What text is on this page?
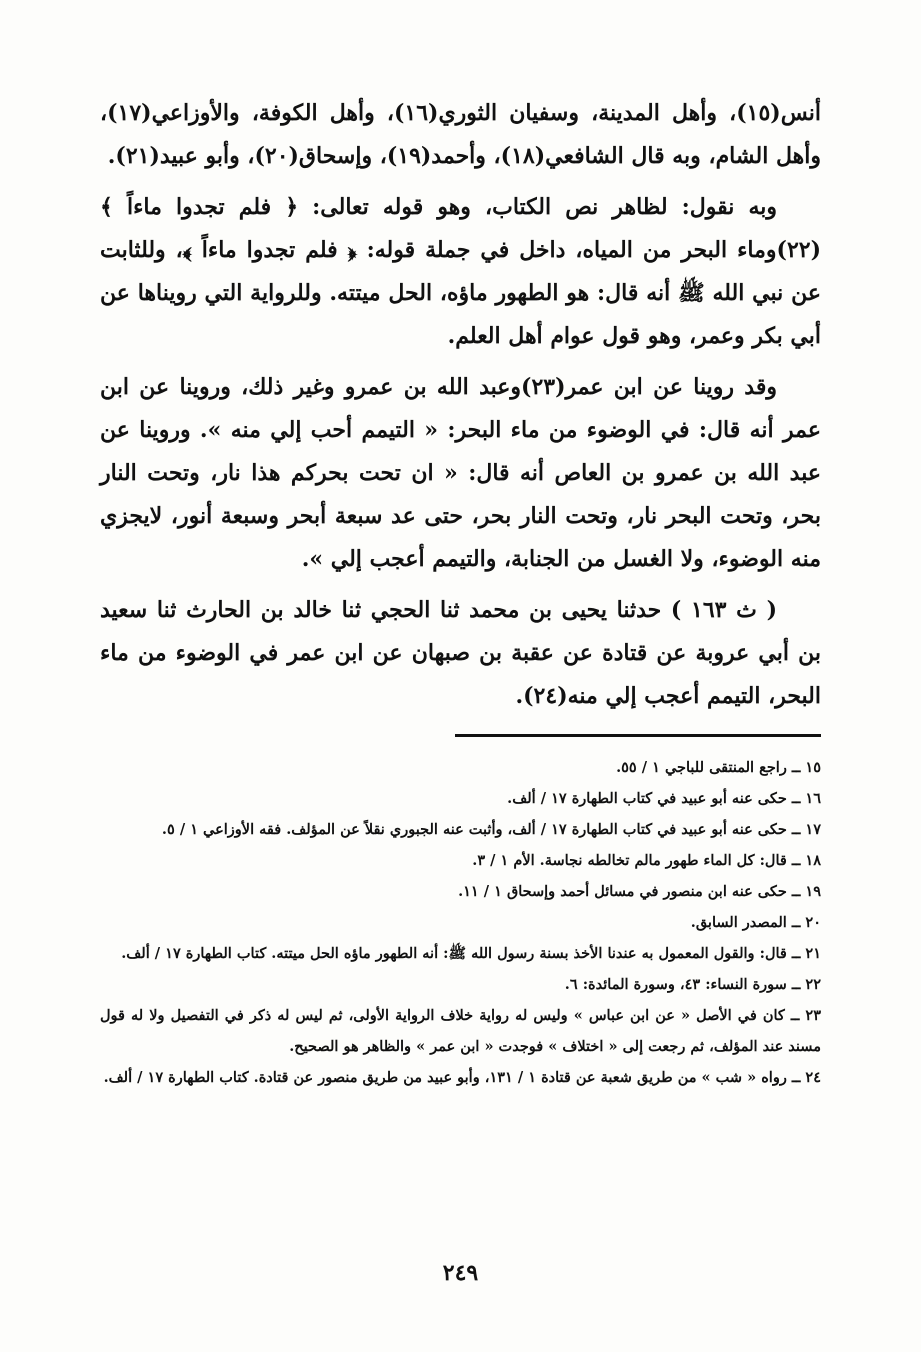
أنس(١٥)، وأهل المدينة، وسفيان الثوري(١٦)، وأهل الكوفة، والأوزاعي(١٧)، وأهل الشام، وبه قال الشافعي(١٨)، وأحمد(١٩)، وإسحاق(٢٠)، وأبو عبيد(٢١).

وبه نقول: لظاهر نص الكتاب، وهو قوله تعالى: ﴿ فلم تجدوا ماءاً ﴾(٢٢)وماء البحر من المياه، داخل في جملة قوله: ﴿ فلم تجدوا ماءاً ﴾، وللثابت عن نبي الله ﷺ أنه قال: هو الطهور ماؤه، الحل ميتته. وللرواية التي رويناها عن أبي بكر وعمر، وهو قول عوام أهل العلم.

وقد روينا عن ابن عمر(٢٣)وعبد الله بن عمرو وغير ذلك، وروينا عن ابن عمر أنه قال: في الوضوء من ماء البحر: « التيمم أحب إلي منه ». وروينا عن عبد الله بن عمرو بن العاص أنه قال: « ان تحت بحركم هذا نار، وتحت النار بحر، وتحت البحر نار، وتحت النار بحر، حتى عد سبعة أبحر وسبعة أنور، لايجزي منه الوضوء، ولا الغسل من الجنابة، والتيمم أعجب إلي ».

( ث ١٦٣ ) حدثنا يحيى بن محمد ثنا الحجي ثنا خالد بن الحارث ثنا سعيد بن أبي عروبة عن قتادة عن عقبة بن صبهان عن ابن عمر في الوضوء من ماء البحر، التيمم أعجب إلي منه(٢٤).

١٥ ــ راجع المنتقى للباجي ١ / ٥٥.
١٦ ــ حكى عنه أبو عبيد في كتاب الطهارة ١٧ / ألف.
١٧ ــ حكى عنه أبو عبيد في كتاب الطهارة ١٧ / ألف، وأثبت عنه الجبوري نقلاً عن المؤلف. فقه الأوزاعي ١ / ٥.
١٨ ــ قال: كل الماء طهور مالم تخالطه نجاسة. الأم ١ / ٣.
١٩ ــ حكى عنه ابن منصور في مسائل أحمد وإسحاق ١ / ١١.
٢٠ ــ المصدر السابق.
٢١ ــ قال: والقول المعمول به عندنا الأخذ بسنة رسول الله ﷺ: أنه الطهور ماؤه الحل ميتته. كتاب الطهارة ١٧ / ألف.
٢٢ ــ سورة النساء: ٤٣، وسورة المائدة: ٦.
٢٣ ــ كان في الأصل « عن ابن عباس » وليس له رواية خلاف الرواية الأولى، ثم ليس له ذكر في التفصيل ولا له قول مسند عند المؤلف، ثم رجعت إلى « اختلاف » فوجدت « ابن عمر » والظاهر هو الصحيح.
٢٤ ــ رواه « شب » من طريق شعبة عن قتادة ١ / ١٣١، وأبو عبيد من طريق منصور عن قتادة. كتاب الطهارة ١٧ / ألف.
٢٤٩
